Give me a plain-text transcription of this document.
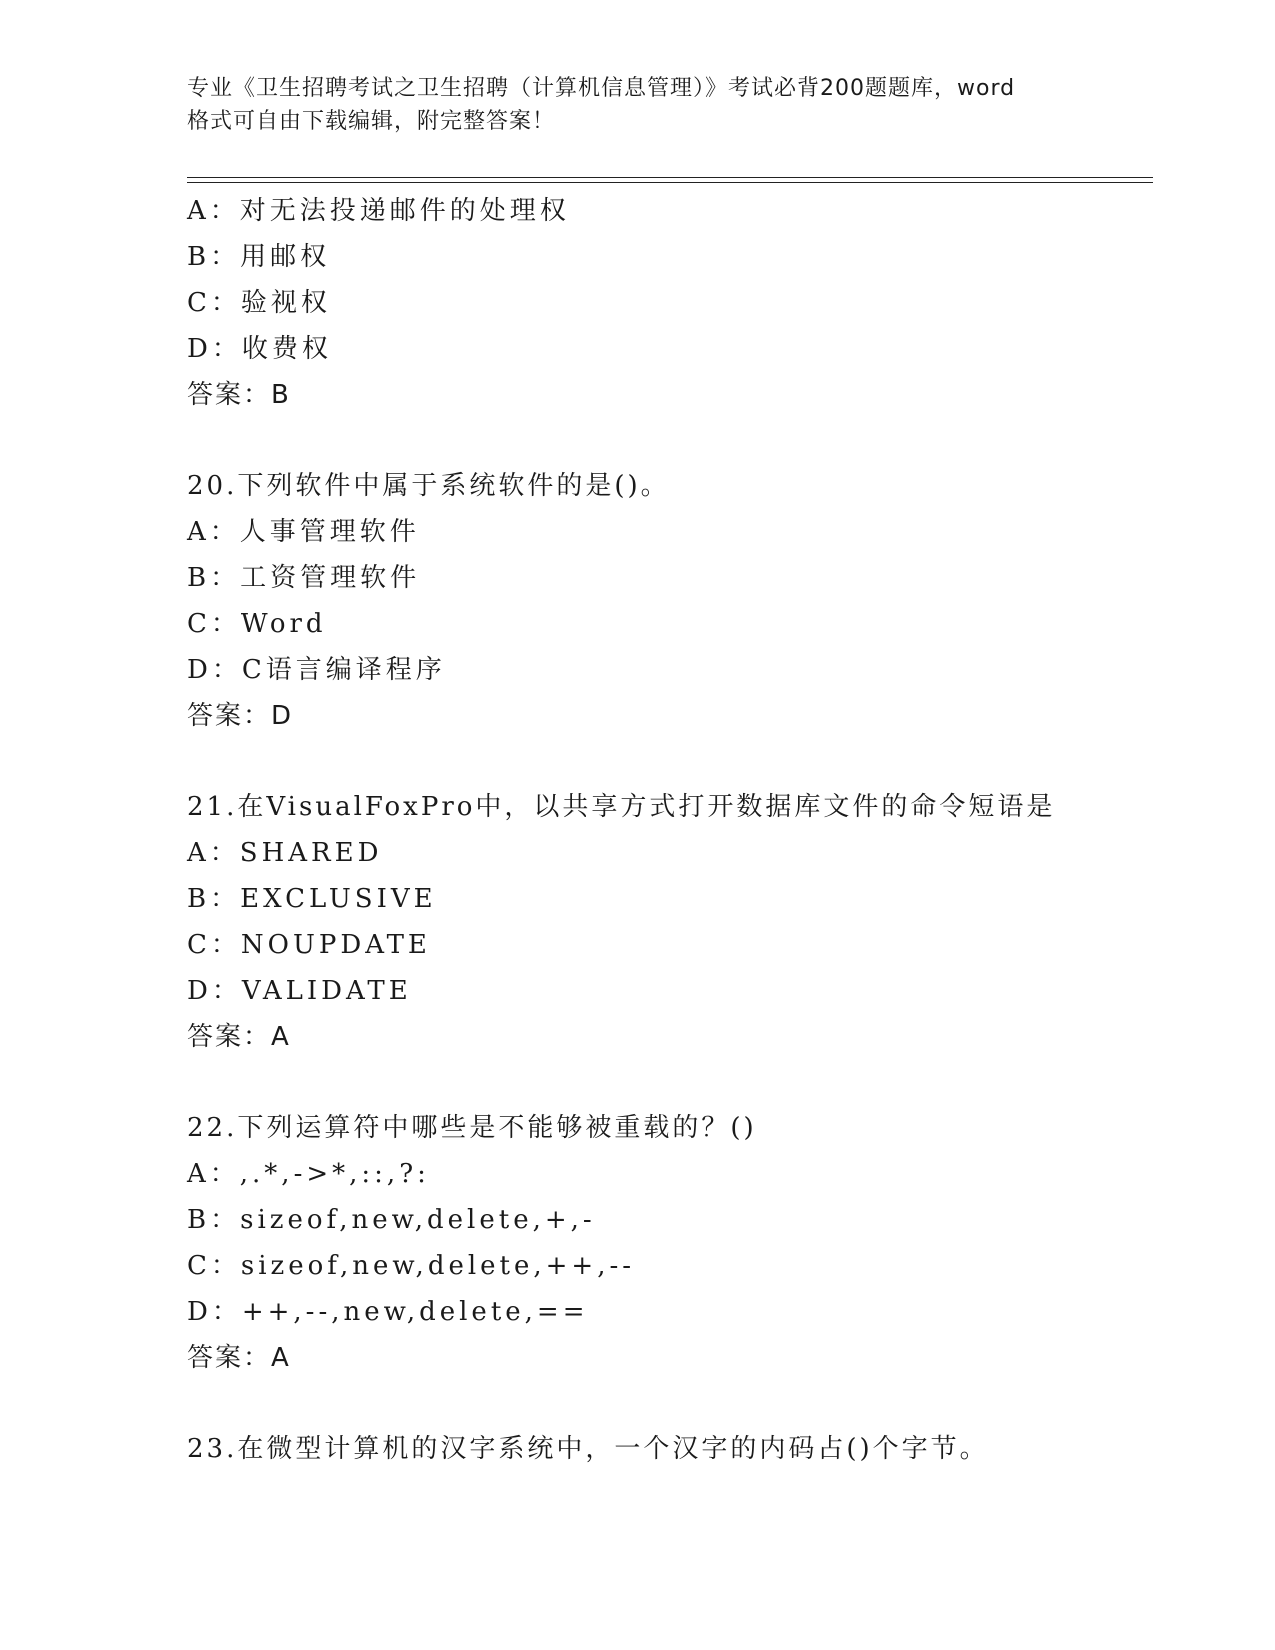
专业《卫生招聘考试之卫生招聘（计算机信息管理）》考试必背200题题库，word
格式可自由下载编辑，附完整答案！
A：对无法投递邮件的处理权
B：用邮权
C：验视权
D：收费权
答案：B
20.下列软件中属于系统软件的是()。
A：人事管理软件
B：工资管理软件
C：Word
D：C语言编译程序
答案：D
21.在VisualFoxPro中，以共享方式打开数据库文件的命令短语是
A：SHARED
B：EXCLUSIVE
C：NOUPDATE
D：VALIDATE
答案：A
22.下列运算符中哪些是不能够被重载的？()
A：,.*,->*,::,?:
B：sizeof,new,delete,+,-
C：sizeof,new,delete,++,--
D：++,--,new,delete,==
答案：A
23.在微型计算机的汉字系统中，一个汉字的内码占()个字节。
